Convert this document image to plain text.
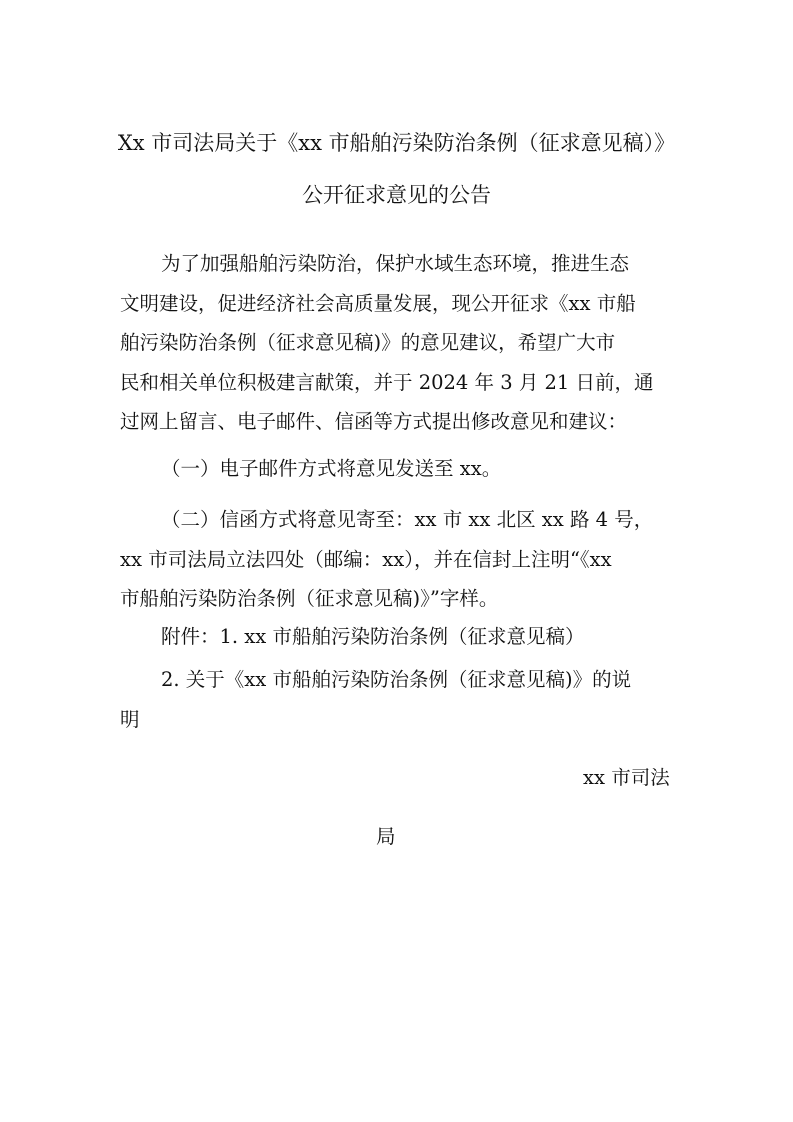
Xx 市司法局关于《xx 市船舶污染防治条例（征求意见稿）》
公开征求意见的公告
为了加强船舶污染防治，保护水域生态环境，推进生态
文明建设，促进经济社会高质量发展，现公开征求《xx 市船
舶污染防治条例（征求意见稿)》的意见建议，希望广大市
民和相关单位积极建言献策，并于 2024 年 3 月 21 日前，通
过网上留言、电子邮件、信函等方式提出修改意见和建议：
（一）电子邮件方式将意见发送至 xx。
（二）信函方式将意见寄至：xx 市 xx 北区 xx 路 4 号，
xx 市司法局立法四处（邮编：xx），并在信封上注明“《xx
市船舶污染防治条例（征求意见稿)》”字样。
附件：1. xx 市船舶污染防治条例（征求意见稿）
2. 关于《xx 市船舶污染防治条例（征求意见稿)》的说
明
xx 市司法
局
